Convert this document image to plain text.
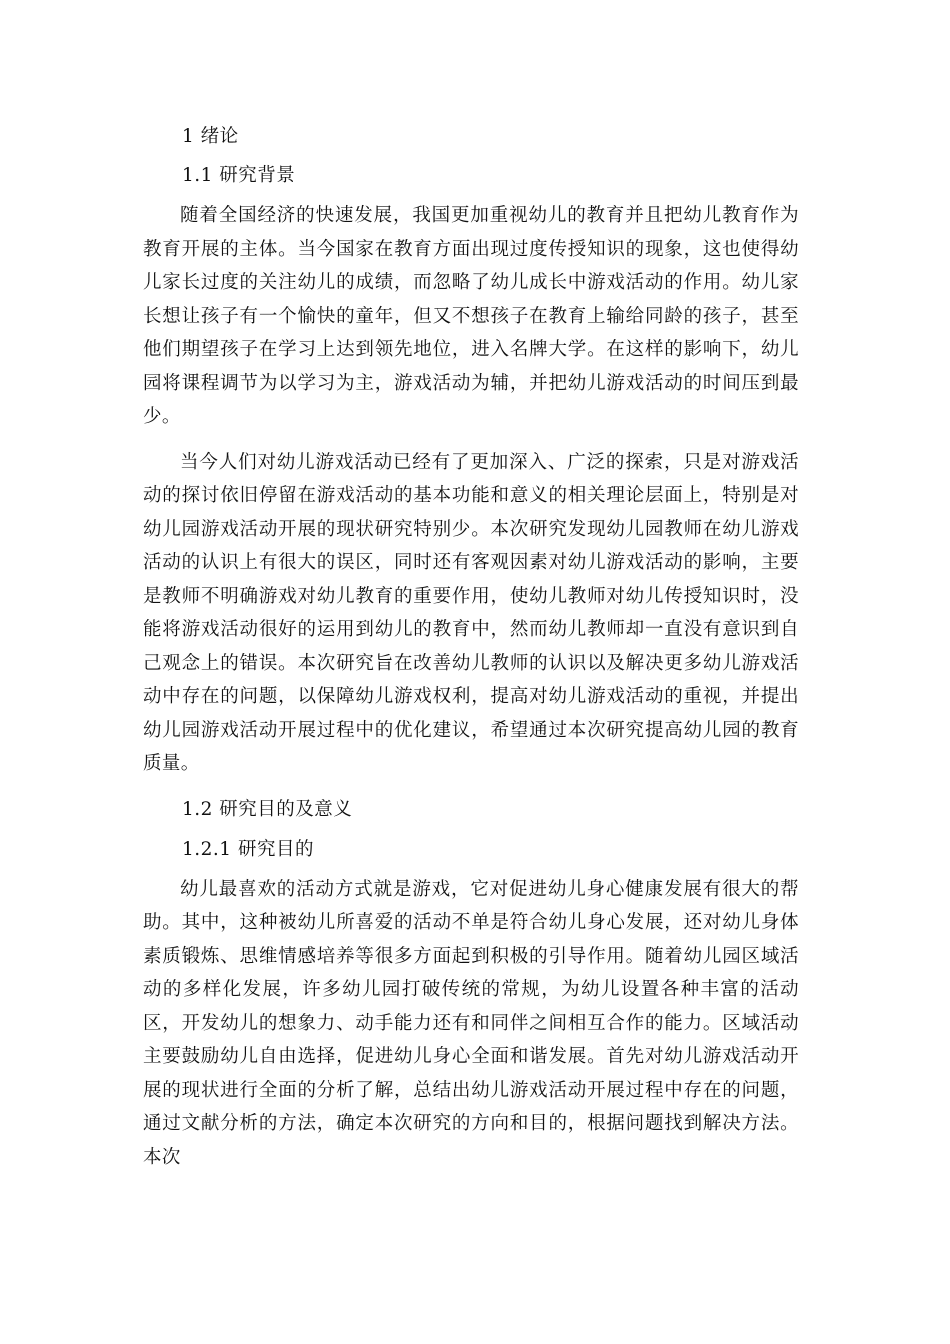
1 绪论
1.1 研究背景

随着全国经济的快速发展，我国更加重视幼儿的教育并且把幼儿教育作为教育开展的主体。当今国家在教育方面出现过度传授知识的现象，这也使得幼儿家长过度的关注幼儿的成绩，而忽略了幼儿成长中游戏活动的作用。幼儿家长想让孩子有一个愉快的童年，但又不想孩子在教育上输给同龄的孩子，甚至他们期望孩子在学习上达到领先地位，进入名牌大学。在这样的影响下，幼儿园将课程调节为以学习为主，游戏活动为辅，并把幼儿游戏活动的时间压到最少。

当今人们对幼儿游戏活动已经有了更加深入、广泛的探索，只是对游戏活动的探讨依旧停留在游戏活动的基本功能和意义的相关理论层面上，特别是对幼儿园游戏活动开展的现状研究特别少。本次研究发现幼儿园教师在幼儿游戏活动的认识上有很大的误区，同时还有客观因素对幼儿游戏活动的影响，主要是教师不明确游戏对幼儿教育的重要作用，使幼儿教师对幼儿传授知识时，没能将游戏活动很好的运用到幼儿的教育中，然而幼儿教师却一直没有意识到自己观念上的错误。本次研究旨在改善幼儿教师的认识以及解决更多幼儿游戏活动中存在的问题，以保障幼儿游戏权利，提高对幼儿游戏活动的重视，并提出幼儿园游戏活动开展过程中的优化建议，希望通过本次研究提高幼儿园的教育质量。

1.2 研究目的及意义
1.2.1 研究目的

幼儿最喜欢的活动方式就是游戏，它对促进幼儿身心健康发展有很大的帮助。其中，这种被幼儿所喜爱的活动不单是符合幼儿身心发展，还对幼儿身体素质锻炼、思维情感培养等很多方面起到积极的引导作用。随着幼儿园区域活动的多样化发展，许多幼儿园打破传统的常规，为幼儿设置各种丰富的活动区，开发幼儿的想象力、动手能力还有和同伴之间相互合作的能力。区域活动主要鼓励幼儿自由选择，促进幼儿身心全面和谐发展。首先对幼儿游戏活动开展的现状进行全面的分析了解，总结出幼儿游戏活动开展过程中存在的问题，通过文献分析的方法，确定本次研究的方向和目的，根据问题找到解决方法。本次
